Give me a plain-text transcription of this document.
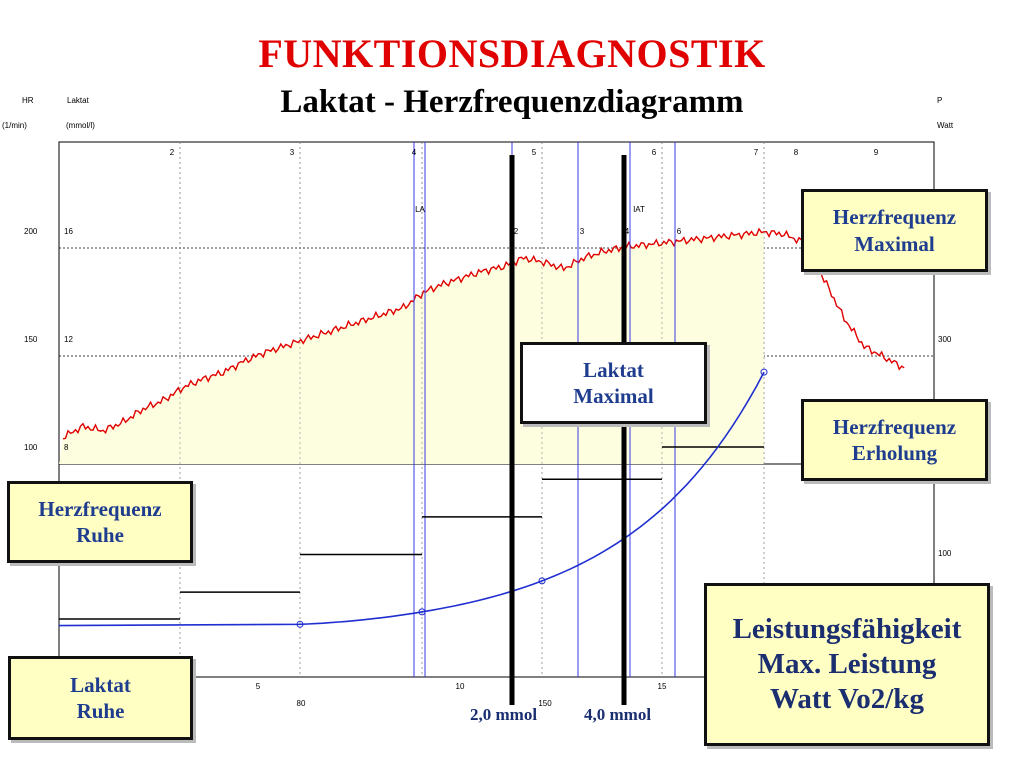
FUNKTIONSDIAGNOSTIK
Laktat - Herzfrequenzdiagramm
HR
(1/min)
Laktat
(mmol/l)
P
Watt
2	3	4	5	6	7	8	9
LA	IAT
2	3	4	6
100
150
200
8
12
16
100
300
5	10	15
80	150
Herzfrequenz
Maximal
Laktat
Maximal
Herzfrequenz
Erholung
Herzfrequenz
Ruhe
Laktat
Ruhe
Leistungsfähigkeit
Max. Leistung
Watt Vo2/kg
2,0 mmol	4,0 mmol
